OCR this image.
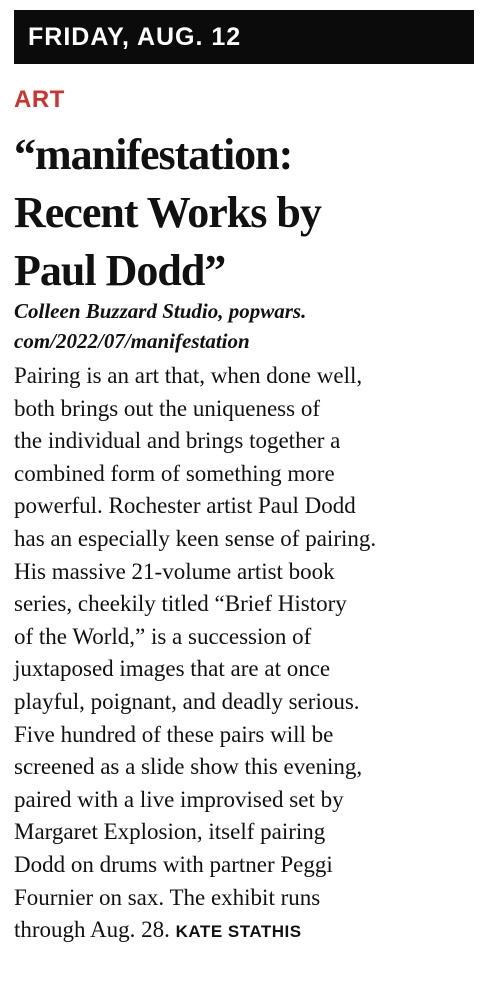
FRIDAY, AUG. 12
ART
“manifestation:
Recent Works by
Paul Dodd”

Colleen Buzzard Studio, popwars.
com/2022/07/manifestation

Pairing is an art that, when done well,
both brings out the uniqueness of
the individual and brings together a
combined form of something more
powerful. Rochester artist Paul Dodd
has an especially keen sense of pairing.
His massive 21-volume artist book
series, cheekily titled “Brief History
of the World,” is a succession of
juxtaposed images that are at once
playful, poignant, and deadly serious.
Five hundred of these pairs will be
screened as a slide show this evening,
paired with a live improvised set by
Margaret Explosion, itself pairing
Dodd on drums with partner Peggi
Fournier on sax. The exhibit runs
through Aug. 28. KATE STATHIS
